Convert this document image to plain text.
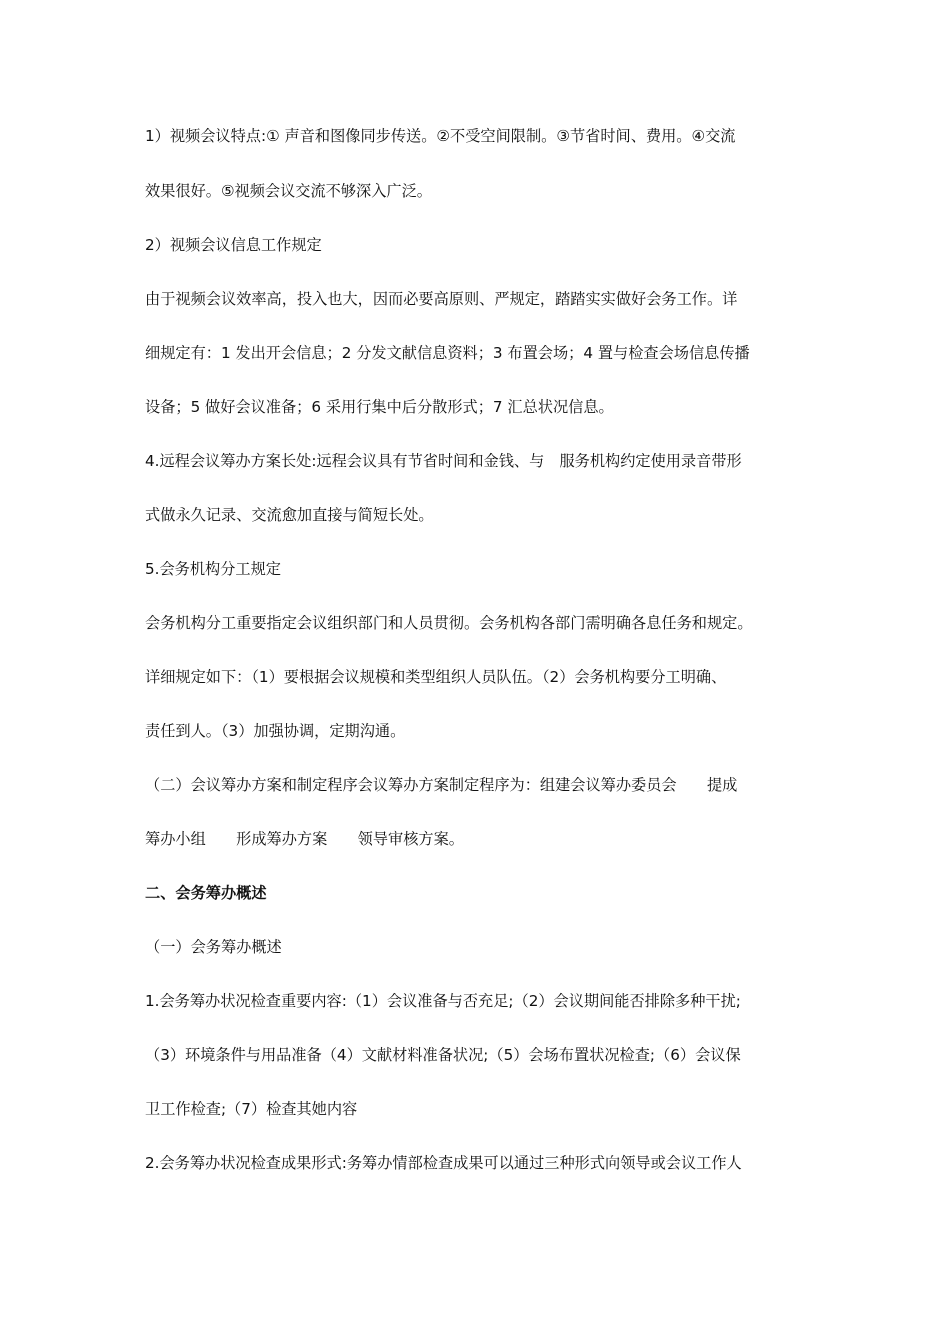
1）视频会议特点:① 声音和图像同步传送。②不受空间限制。③节省时间、费用。④交流
效果很好。⑤视频会议交流不够深入广泛。
2）视频会议信息工作规定
由于视频会议效率高，投入也大，因而必要高原则、严规定，踏踏实实做好会务工作。详
细规定有：1 发出开会信息；2 分发文献信息资料；3 布置会场；4 置与检查会场信息传播
设备；5 做好会议准备；6 采用行集中后分散形式；7 汇总状况信息。
4.远程会议筹办方案长处:远程会议具有节省时间和金钱、与　服务机构约定使用录音带形
式做永久记录、交流愈加直接与简短长处。
5.会务机构分工规定
会务机构分工重要指定会议组织部门和人员贯彻。会务机构各部门需明确各息任务和规定。
详细规定如下：（1）要根据会议规模和类型组织人员队伍。（2）会务机构要分工明确、
责任到人。（3）加强协调，定期沟通。
（二）会议筹办方案和制定程序会议筹办方案制定程序为：组建会议筹办委员会　　提成
筹办小组　　形成筹办方案　　领导审核方案。
二、会务筹办概述
（一）会务筹办概述
1.会务筹办状况检查重要内容:（1）会议准备与否充足;（2）会议期间能否排除多种干扰;
（3）环境条件与用品准备（4）文献材料准备状况;（5）会场布置状况检查;（6）会议保
卫工作检查;（7）检查其她内容
2.会务筹办状况检查成果形式:务筹办情部检查成果可以通过三种形式向领导或会议工作人
